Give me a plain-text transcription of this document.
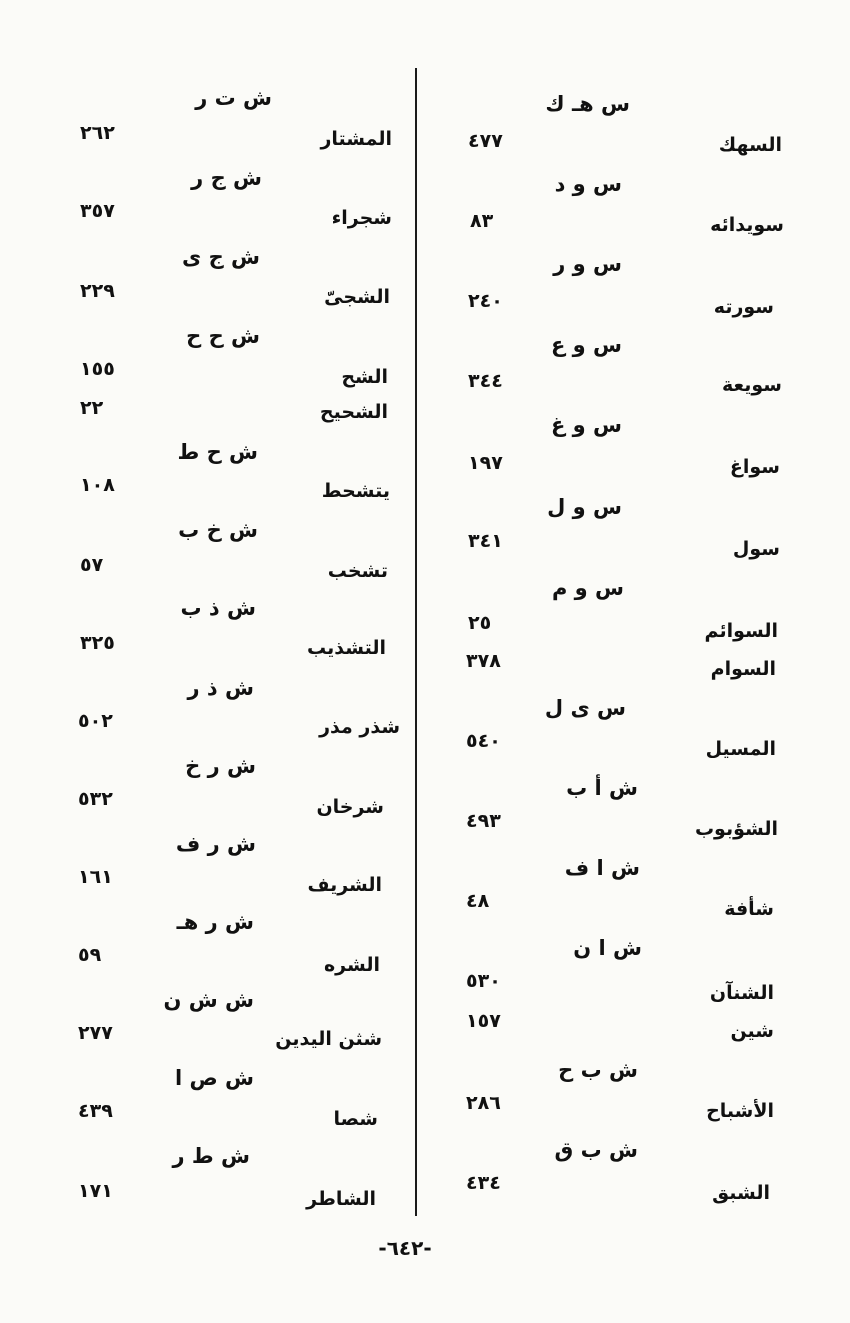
ش ت ر
ش ج ر
ش ج ى
ش ح ح
ش ح ط
ش خ ب
ش ذ ب
ش ذ ر
ش ر خ
ش ر ف
ش ر هـ
ش ش ن
ش ص ا
ش ط ر
المشتار
شجراء
الشجىّ
الشح
الشحيح
يتشحط
تشخب
التشذيب
شذر مذر
شرخان
الشريف
الشره
شثن اليدين
شصا
الشاطر
٢٦٢
٣٥٧
٢٢٩
١٥٥
٢٢
١٠٨
٥٧
٣٢٥
٥٠٢
٥٣٢
١٦١
٥٩
٢٧٧
٤٣٩
١٧١
س هـ ك
س و د
س و ر
س و ع
س و غ
س و ل
س و م
س ى ل
ش أ ب
ش ا ف
ش ا ن
ش ب ح
ش ب ق
السهك
سويدائه
سورته
سويعة
سواغ
سول
السوائم
السوام
المسيل
الشؤبوب
شأفة
الشنآن
شين
الأشباح
الشبق
٤٧٧
٨٣
٢٤٠
٣٤٤
١٩٧
٣٤١
٢٥
٣٧٨
٥٤٠
٤٩٣
٤٨
٥٣٠
١٥٧
٢٨٦
٤٣٤
-٦٤٢-
